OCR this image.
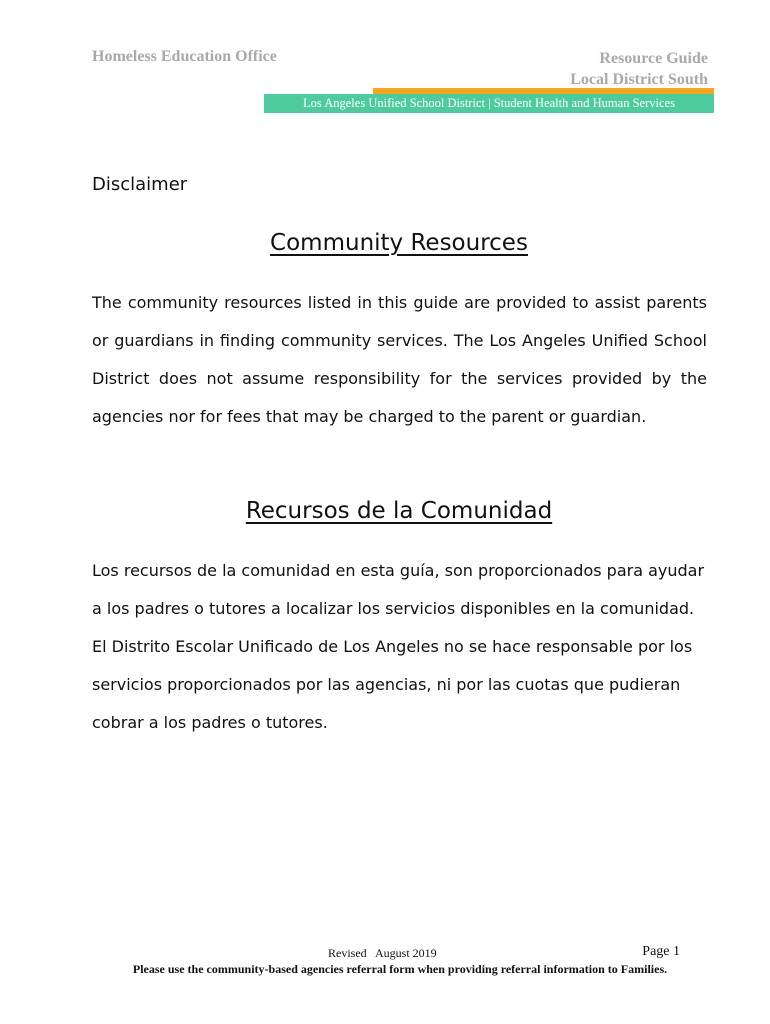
Homeless Education Office	Resource Guide
Local District South
Los Angeles Unified School District | Student Health and Human Services
Disclaimer
Community Resources
The community resources listed in this guide are provided to assist parents or guardians in finding community services. The Los Angeles Unified School District does not assume responsibility for the services provided by the agencies nor for fees that may be charged to the parent or guardian.
Recursos de la Comunidad
Los recursos de la comunidad en esta guía, son proporcionados para ayudar a los padres o tutores a localizar los servicios disponibles en la comunidad. El Distrito Escolar Unificado de Los Angeles no se hace responsable por los servicios proporcionados por las agencias, ni por las cuotas que pudieran cobrar a los padres o tutores.
Revised   August 2019	Page 1
Please use the community-based agencies referral form when providing referral information to Families.
